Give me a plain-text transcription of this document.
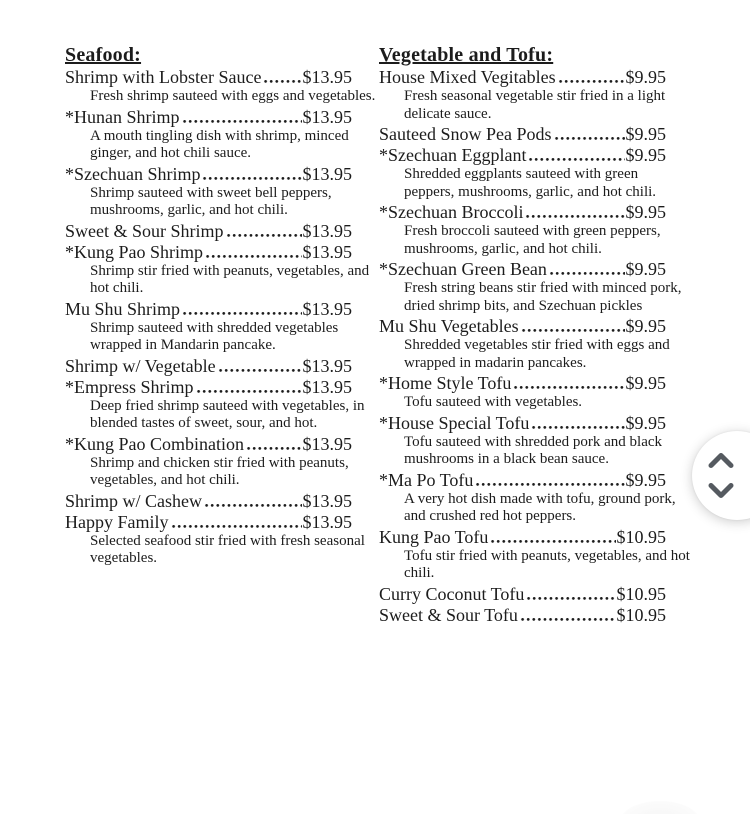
Seafood:
Shrimp with Lobster Sauce $13.95
Fresh shrimp sauteed with eggs and vegetables.
*Hunan Shrimp	$13.95
A mouth tingling dish with shrimp, minced ginger, and hot chili sauce.
*Szechuan Shrimp	$13.95
Shrimp sauteed with sweet bell peppers, mushrooms, garlic, and hot chili.
Sweet & Sour Shrimp	$13.95
*Kung Pao Shrimp	$13.95
Shrimp stir fried with peanuts, vegetables, and hot chili.
Mu Shu Shrimp	$13.95
Shrimp sauteed with shredded vegetables wrapped in Mandarin pancake.
Shrimp w/ Vegetable	$13.95
*Empress Shrimp	$13.95
Deep fried shrimp sauteed with vegetables, in blended tastes of sweet, sour, and hot.
*Kung Pao Combination	$13.95
Shrimp and chicken stir fried with peanuts, vegetables, and hot chili.
Shrimp w/ Cashew	$13.95
Happy Family	$13.95
Selected seafood stir fried with fresh seasonal vegetables.
Vegetable and Tofu:
House Mixed Vegitables	$9.95
Fresh seasonal vegetable stir fried in a light delicate sauce.
Sauteed Snow Pea Pods	$9.95
*Szechuan Eggplant	$9.95
Shredded eggplants sauteed with green peppers, mushrooms, garlic, and hot chili.
*Szechuan Broccoli	$9.95
Fresh broccoli sauteed with green peppers, mushrooms, garlic, and hot chili.
*Szechuan Green Bean	$9.95
Fresh string beans stir fried with minced pork, dried shrimp bits, and Szechuan pickles
Mu Shu Vegetables	$9.95
Shredded vegetables stir fried with eggs and wrapped in madarin pancakes.
*Home Style Tofu	$9.95
Tofu sauteed with vegetables.
*House Special Tofu	$9.95
Tofu sauteed with shredded pork and black mushrooms in a black bean sauce.
*Ma Po Tofu	$9.95
A very hot dish made with tofu, ground pork, and crushed red hot peppers.
Kung Pao Tofu	$10.95
Tofu stir fried with peanuts, vegetables, and hot chili.
Curry Coconut Tofu	$10.95
Sweet & Sour Tofu	$10.95
